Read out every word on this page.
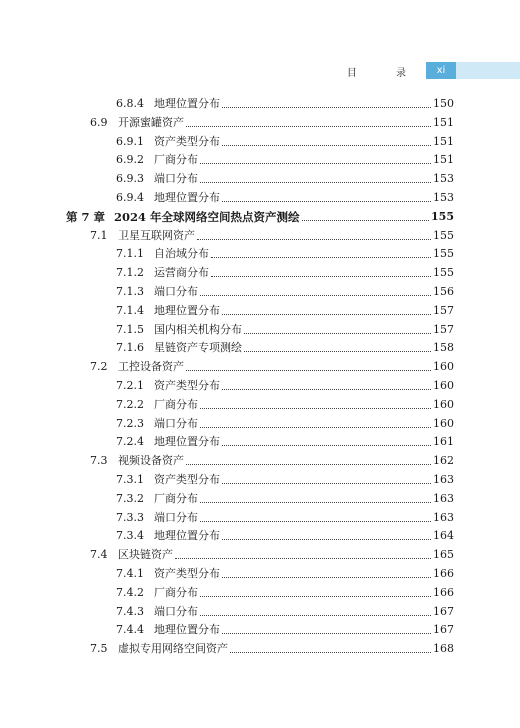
目 录	xi
6.8.4 地理位置分布	150
6.9 开源蜜罐资产	151
6.9.1 资产类型分布	151
6.9.2 厂商分布	151
6.9.3 端口分布	153
6.9.4 地理位置分布	153
第 7 章 2024 年全球网络空间热点资产测绘	155
7.1 卫星互联网资产	155
7.1.1 自治域分布	155
7.1.2 运营商分布	155
7.1.3 端口分布	156
7.1.4 地理位置分布	157
7.1.5 国内相关机构分布	157
7.1.6 星链资产专项测绘	158
7.2 工控设备资产	160
7.2.1 资产类型分布	160
7.2.2 厂商分布	160
7.2.3 端口分布	160
7.2.4 地理位置分布	161
7.3 视频设备资产	162
7.3.1 资产类型分布	163
7.3.2 厂商分布	163
7.3.3 端口分布	163
7.3.4 地理位置分布	164
7.4 区块链资产	165
7.4.1 资产类型分布	166
7.4.2 厂商分布	166
7.4.3 端口分布	167
7.4.4 地理位置分布	167
7.5 虚拟专用网络空间资产	168
